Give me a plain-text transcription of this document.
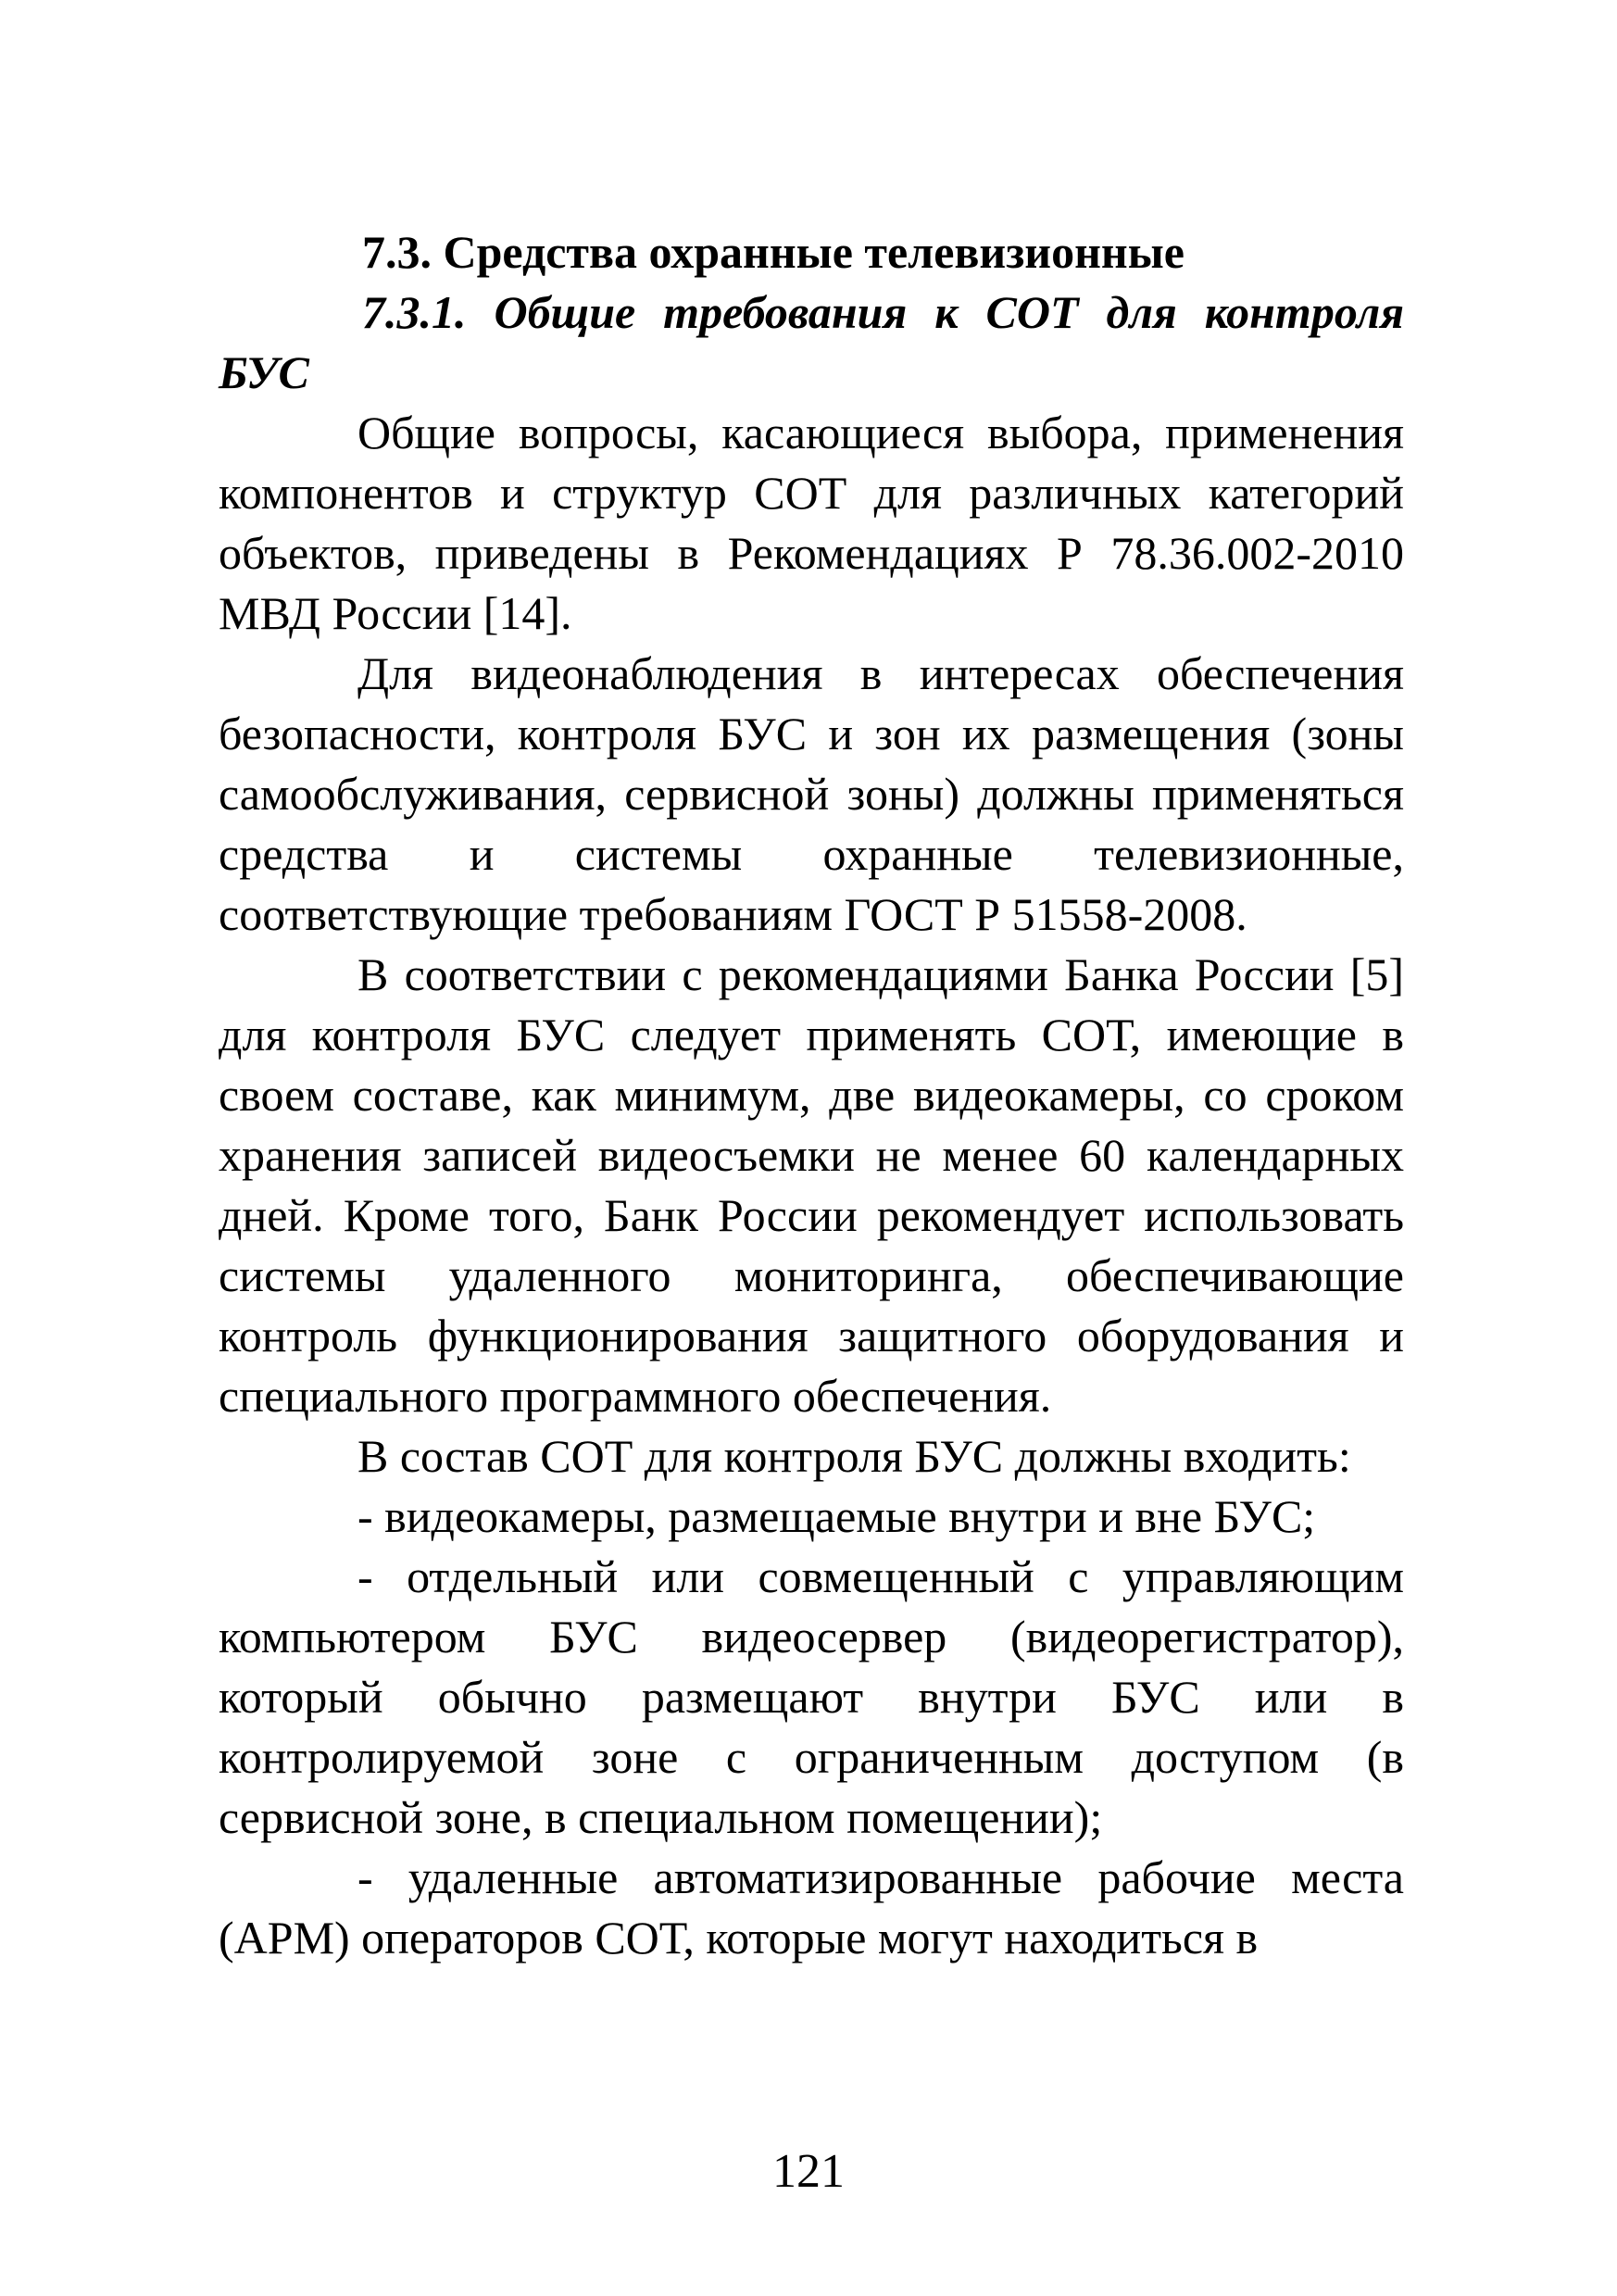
7.3. Средства охранные телевизионные

7.3.1. Общие требования к СОТ для контроля БУС

Общие вопросы, касающиеся выбора, применения компонентов и структур СОТ для различных категорий объектов, приведены в Рекомендациях Р 78.36.002-2010 МВД России [14].

Для видеонаблюдения в интересах обеспечения безопасности, контроля БУС и зон их размещения (зоны самообслуживания, сервисной зоны) должны применяться средства и системы охранные телевизионные, соответствующие требованиям ГОСТ Р 51558-2008.

В соответствии с рекомендациями Банка России [5] для контроля БУС следует применять СОТ, имеющие в своем составе, как минимум, две видеокамеры, со сроком хранения записей видеосъемки не менее 60 календарных дней. Кроме того, Банк России рекомендует использовать системы удаленного мониторинга, обеспечивающие контроль функционирования защитного оборудования и специального программного обеспечения.

В состав СОТ для контроля БУС должны входить:

- видеокамеры, размещаемые внутри и вне БУС;

- отдельный или совмещенный с управляющим компьютером БУС видеосервер (видеорегистратор), который обычно размещают внутри БУС или в контролируемой зоне с ограниченным доступом (в сервисной зоне, в специальном помещении);

- удаленные автоматизированные рабочие места (АРМ) операторов СОТ, которые могут находиться в

121
